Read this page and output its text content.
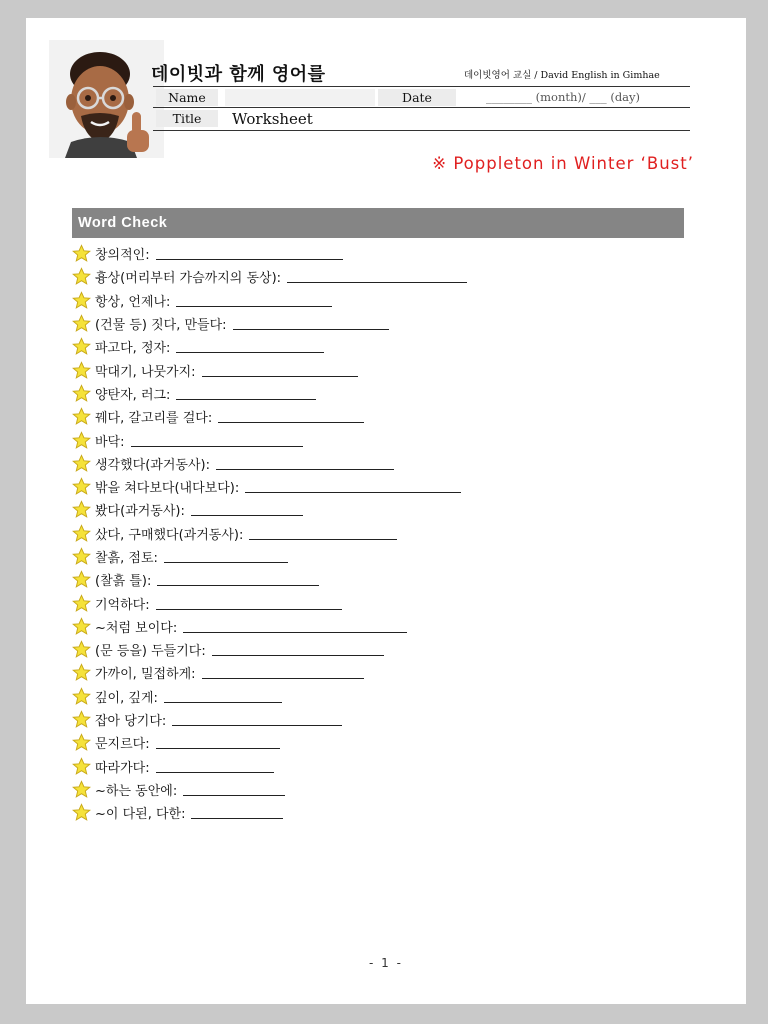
데이빗과 함께 영어를	데이빗영어 교실 / David English in Gimhae
Name	Date	________ (month)/ ___ (day)
Title	Worksheet
※ Poppleton in Winter ‘Bust’
Word Check
창의적인:
흉상(머리부터 가슴까지의 동상):
항상, 언제나:
(건물 등) 짓다, 만들다:
파고다, 정자:
막대기, 나뭇가지:
양탄자, 러그:
꿰다, 갈고리를 걸다:
바닥:
생각했다(과거동사):
밖을 쳐다보다(내다보다):
봤다(과거동사):
샀다, 구매했다(과거동사):
찰흙, 점토:
(찰흙 틀):
기억하다:
~처럼 보이다:
(문 등을) 두들기다:
가까이, 밀접하게:
깊이, 깊게:
잡아 당기다:
문지르다:
따라가다:
~하는 동안에:
~이 다된, 다한:
- 1 -
